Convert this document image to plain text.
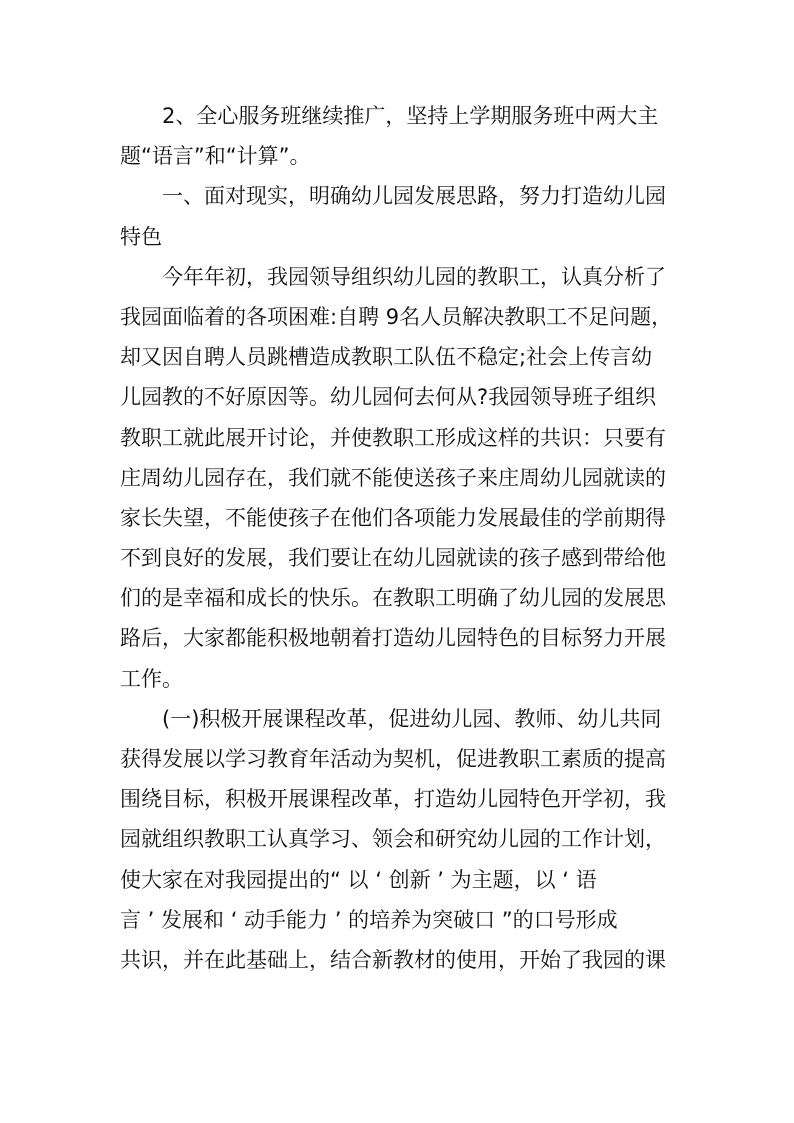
2、全心服务班继续推广，坚持上学期服务班中两大主
题“语言”和“计算”。
一、面对现实，明确幼儿园发展思路，努力打造幼儿园
特色
今年年初，我园领导组织幼儿园的教职工，认真分析了
我园面临着的各项困难:自聘 9名人员解决教职工不足问题，
却又因自聘人员跳槽造成教职工队伍不稳定;社会上传言幼
儿园教的不好原因等。幼儿园何去何从?我园领导班子组织
教职工就此展开讨论，并使教职工形成这样的共识：只要有
庄周幼儿园存在，我们就不能使送孩子来庄周幼儿园就读的
家长失望，不能使孩子在他们各项能力发展最佳的学前期得
不到良好的发展，我们要让在幼儿园就读的孩子感到带给他
们的是幸福和成长的快乐。在教职工明确了幼儿园的发展思
路后，大家都能积极地朝着打造幼儿园特色的目标努力开展
工作。
(一)积极开展课程改革，促进幼儿园、教师、幼儿共同
获得发展以学习教育年活动为契机，促进教职工素质的提高
围绕目标，积极开展课程改革，打造幼儿园特色开学初，我
园就组织教职工认真学习、领会和研究幼儿园的工作计划，
使大家在对我园提出的“ 以 ‘ 创新 ’ 为主题，以 ‘ 语
言 ’ 发展和 ‘ 动手能力 ’ 的培养为突破口 ”的口号形成
共识，并在此基础上，结合新教材的使用，开始了我园的课
